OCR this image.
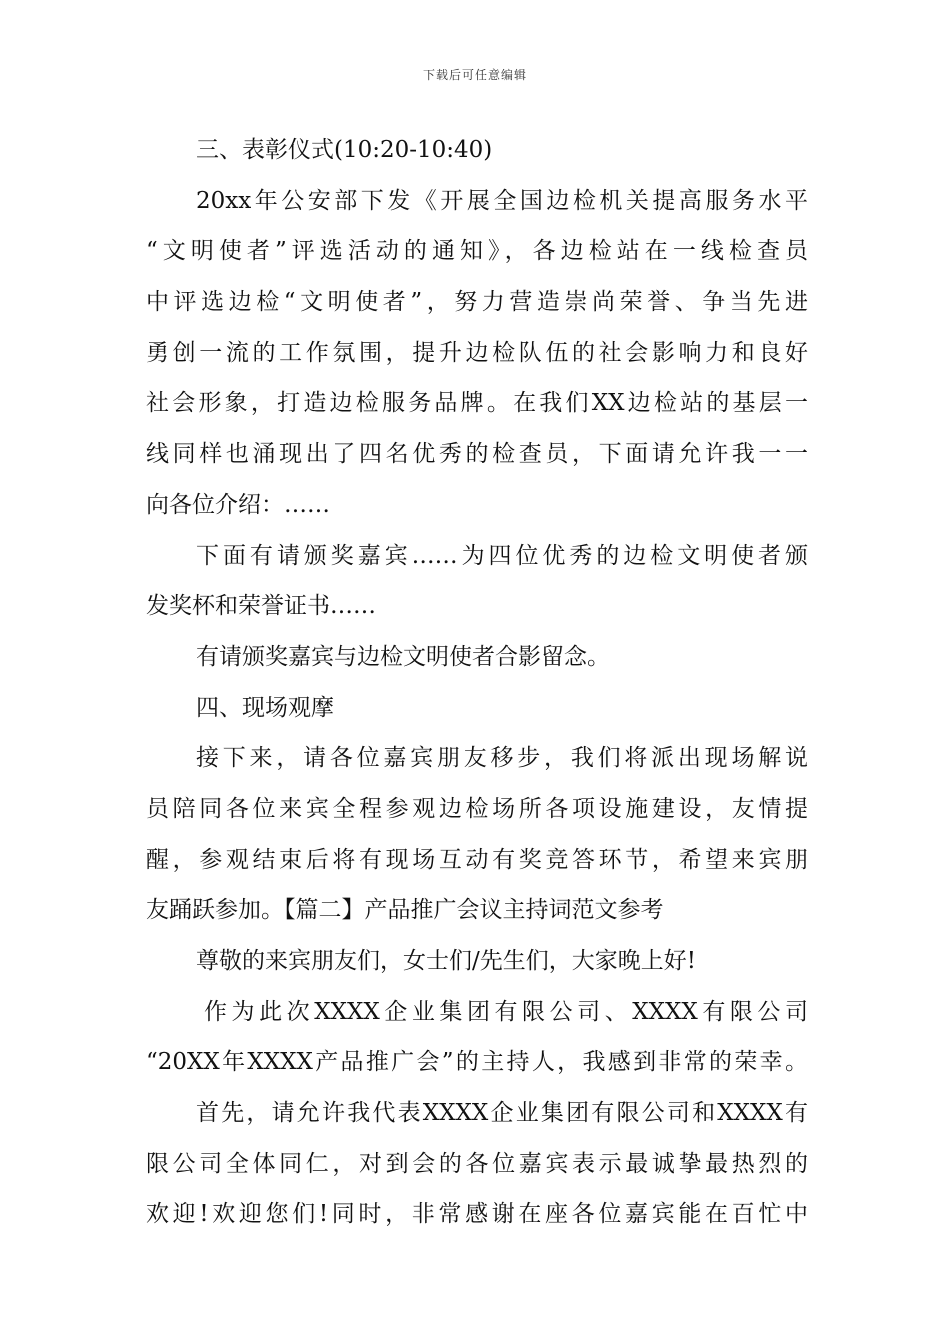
下载后可任意编辑
三、表彰仪式(10:20-10:40)
20xx年公安部下发《开展全国边检机关提高服务水平
“文明使者”评选活动的通知》，各边检站在一线检查员
中评选边检“文明使者”，努力营造崇尚荣誉、争当先进
勇创一流的工作氛围，提升边检队伍的社会影响力和良好
社会形象，打造边检服务品牌。在我们XX边检站的基层一
线同样也涌现出了四名优秀的检查员，下面请允许我一一
向各位介绍：……
下面有请颁奖嘉宾……为四位优秀的边检文明使者颁
发奖杯和荣誉证书……
有请颁奖嘉宾与边检文明使者合影留念。
四、现场观摩
接下来，请各位嘉宾朋友移步，我们将派出现场解说
员陪同各位来宾全程参观边检场所各项设施建设，友情提
醒，参观结束后将有现场互动有奖竞答环节，希望来宾朋
友踊跃参加。【篇二】产品推广会议主持词范文参考
尊敬的来宾朋友们，女士们/先生们，大家晚上好!
作为此次XXXX企业集团有限公司、XXXX有限公司
“20XX年XXXX产品推广会”的主持人，我感到非常的荣幸。
首先，请允许我代表XXXX企业集团有限公司和XXXX有
限公司全体同仁，对到会的各位嘉宾表示最诚挚最热烈的
欢迎!欢迎您们!同时，非常感谢在座各位嘉宾能在百忙中
